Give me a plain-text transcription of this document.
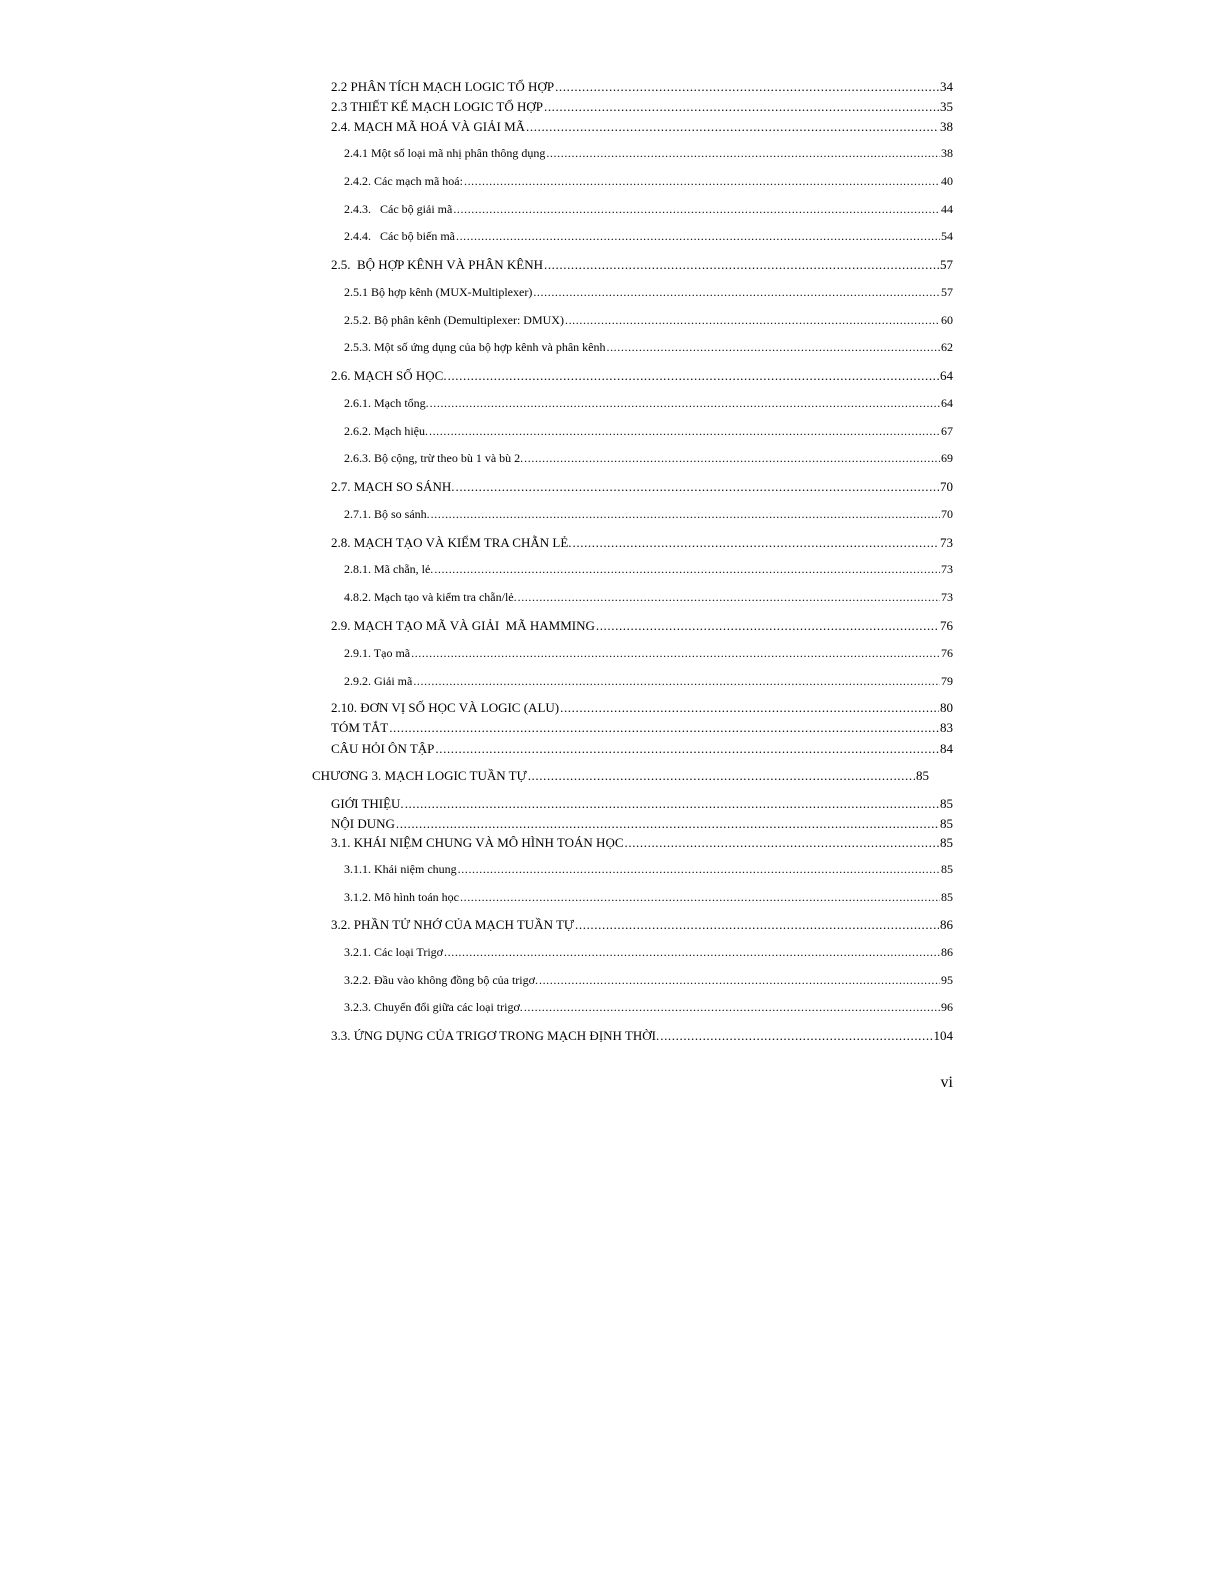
2.2 PHÂN TÍCH MẠCH LOGIC TỔ HỢP .....	34
2.3 THIẾT KẾ MẠCH LOGIC TỔ HỢP .....	35
2.4. MẠCH MÃ HOÁ VÀ GIẢI MÃ .....	38
2.4.1 Một số loại mã nhị phân thông dụng .....	38
2.4.2. Các mạch mã hoá: .....	40
2.4.3.   Các bộ giải mã .....	44
2.4.4.   Các bộ biến mã .....	54
2.5.  BỘ HỢP KÊNH VÀ PHÂN KÊNH .....	57
2.5.1 Bộ hợp kênh (MUX-Multiplexer) .....	57
2.5.2. Bộ phân kênh (Demultiplexer: DMUX) .....	60
2.5.3. Một số ứng dụng của bộ hợp kênh và phân kênh .....	62
2.6. MẠCH SỐ HỌC. .....	64
2.6.1. Mạch tổng. .....	64
2.6.2. Mạch hiệu. .....	67
2.6.3. Bộ cộng, trừ theo bù 1 và bù 2. .....	69
2.7. MẠCH SO SÁNH. .....	70
2.7.1. Bộ so sánh. .....	70
2.8. MẠCH TẠO VÀ KIỂM TRA CHẴN LẺ. .....	73
2.8.1. Mã chẵn, lẻ. .....	73
4.8.2. Mạch tạo và kiểm tra chẵn/lẻ. .....	73
2.9. MẠCH TẠO MÃ VÀ GIẢI  MÃ HAMMING .....	76
2.9.1. Tạo mã .....	76
2.9.2. Giải mã .....	79
2.10. ĐƠN VỊ SỐ HỌC VÀ LOGIC (ALU) .....	80
TÓM TẮT .....	83
CÂU HỎI ÔN TẬP .....	84
CHƯƠNG 3. MẠCH LOGIC TUẦN TỰ .....	85
GIỚI THIỆU. .....	85
NỘI DUNG .....	85
3.1. KHÁI NIỆM CHUNG VÀ MÔ HÌNH TOÁN HỌC .....	85
3.1.1. Khái niệm chung .....	85
3.1.2. Mô hình toán học .....	85
3.2. PHẦN TỬ NHỚ CỦA MẠCH TUẦN TỰ .....	86
3.2.1. Các loại Trigơ .....	86
3.2.2. Đầu vào không đồng bộ của trigơ. .....	95
3.2.3. Chuyển đổi giữa các loại trigơ. .....	96
3.3. ỨNG DỤNG CỦA TRIGƠ TRONG MẠCH ĐỊNH THỜI. .....	104
vi
